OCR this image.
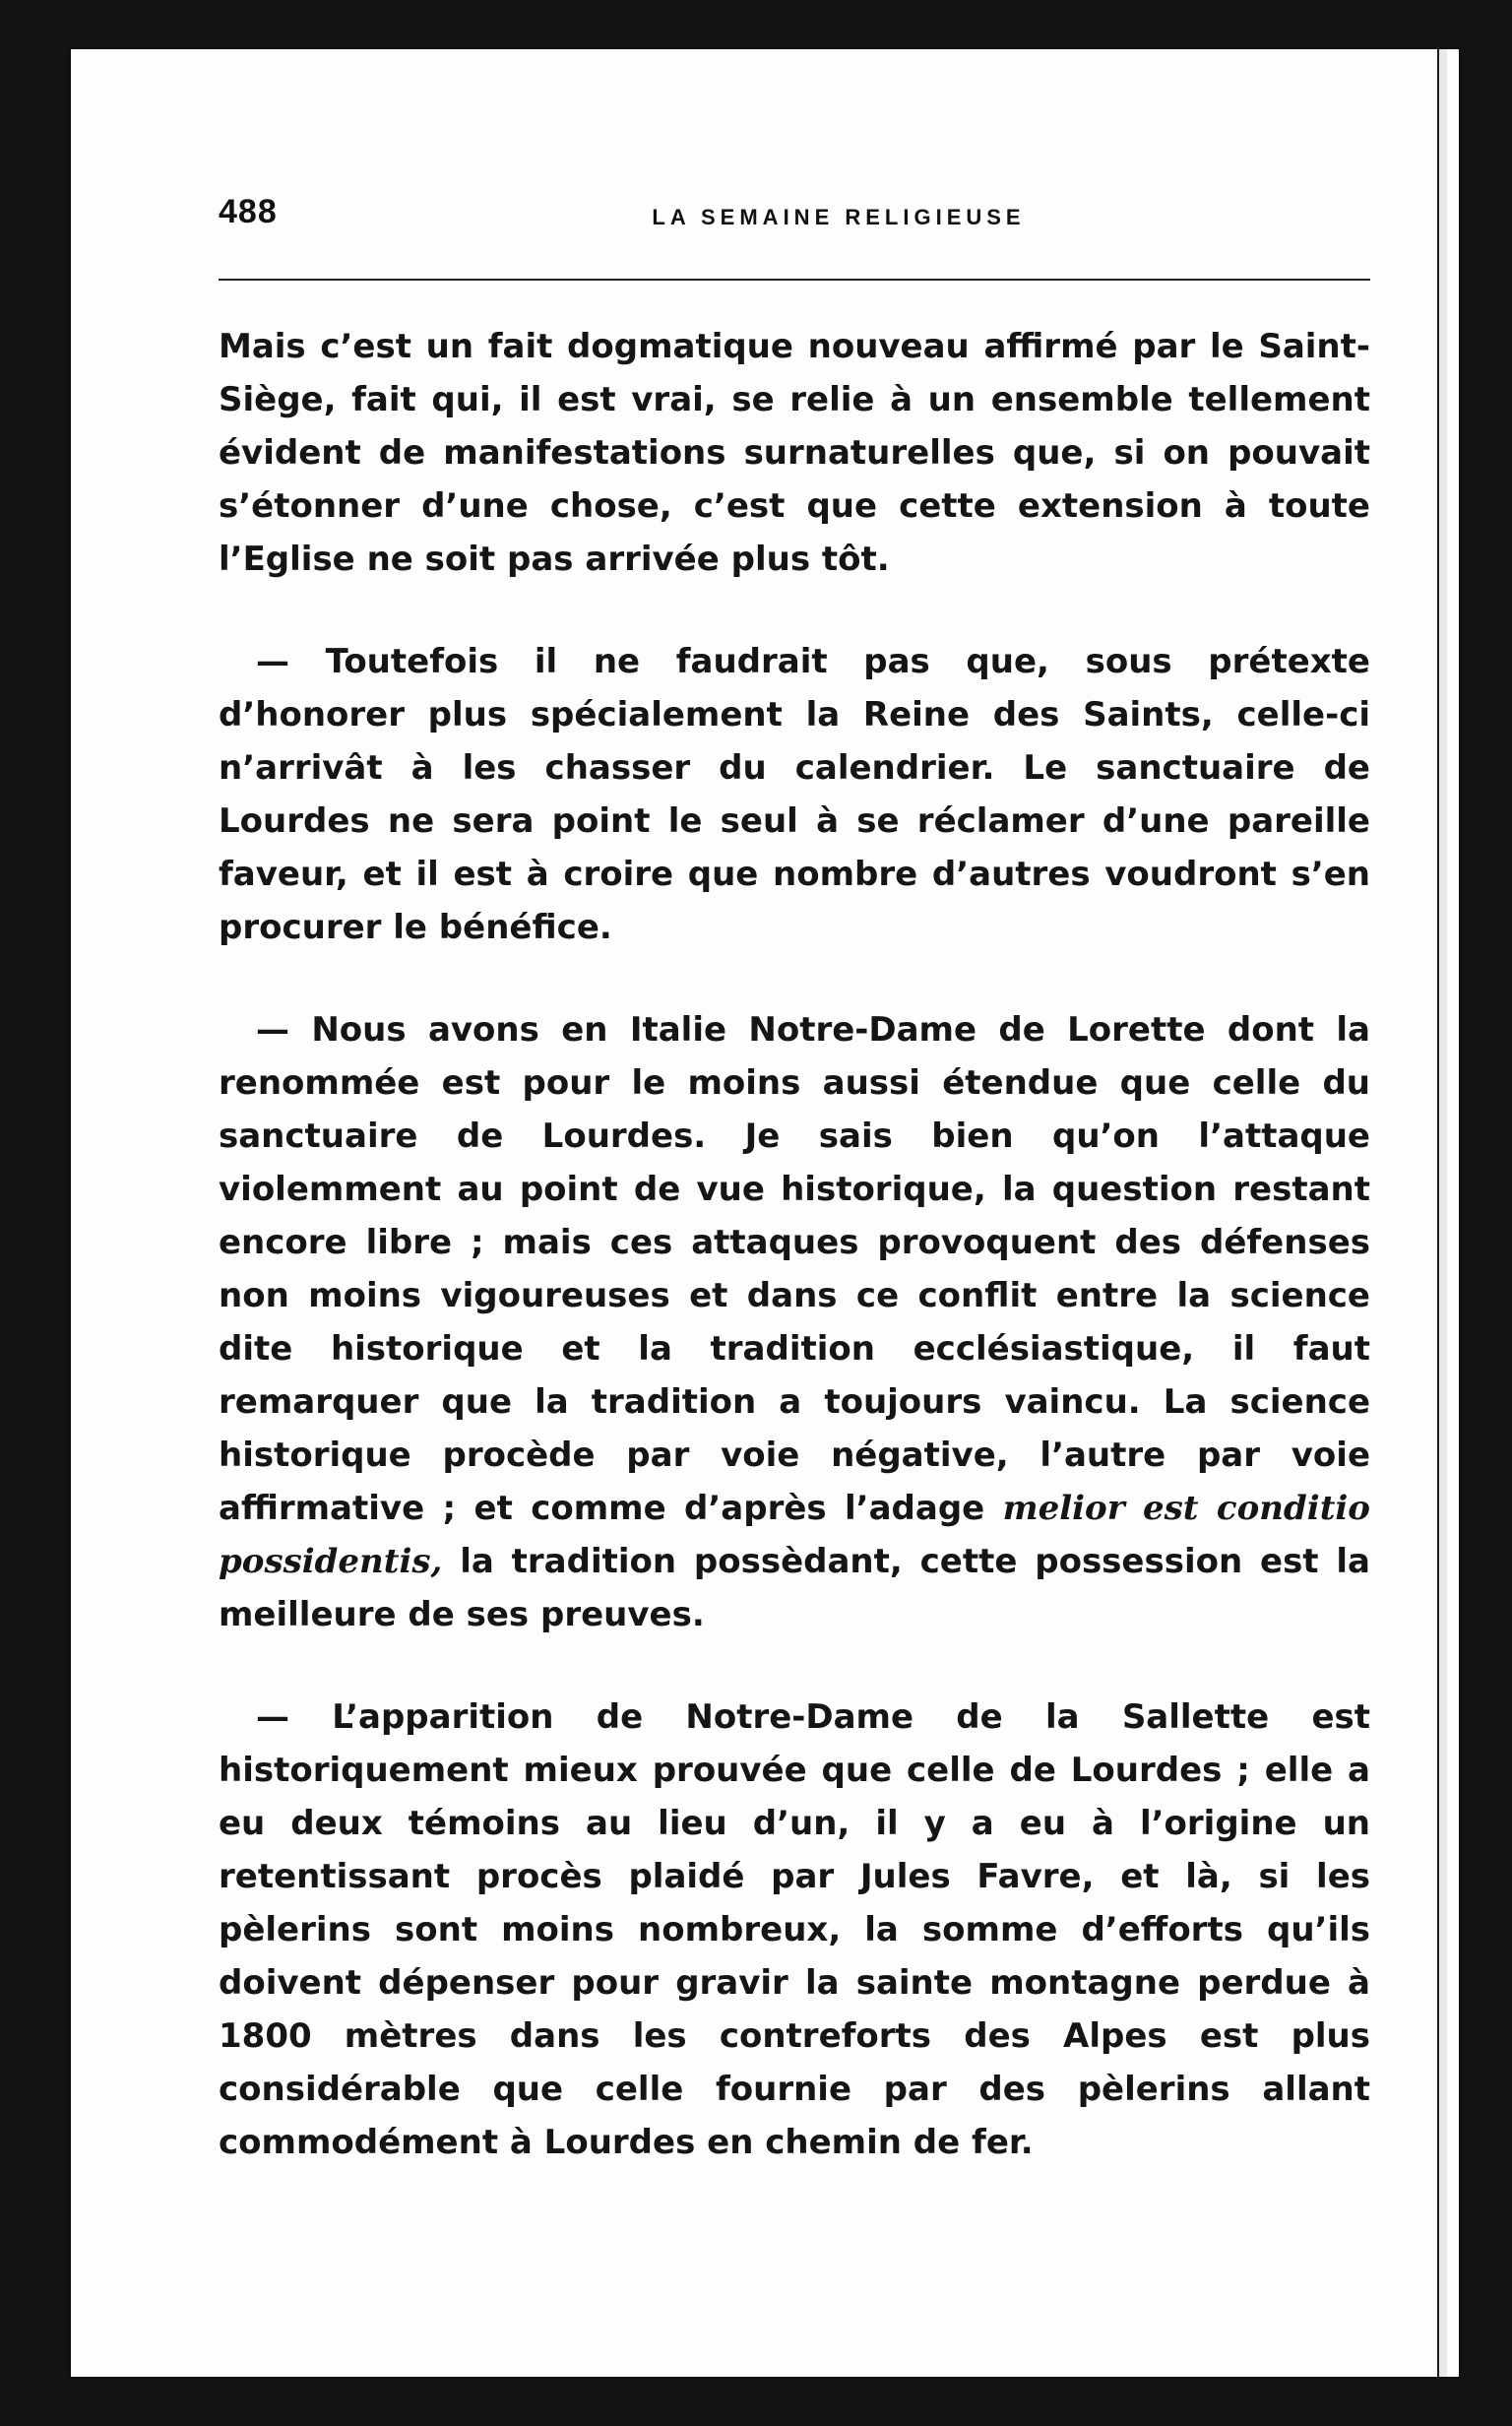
488	LA SEMAINE RELIGIEUSE

Mais c’est un fait dogmatique nouveau affirmé par le Saint-Siège, fait qui, il est vrai, se relie à un ensemble tellement évident de manifestations surnaturelles que, si on pouvait s’étonner d’une chose, c’est que cette extension à toute l’Eglise ne soit pas arrivée plus tôt.

— Toutefois il ne faudrait pas que, sous prétexte d’honorer plus spécialement la Reine des Saints, celle-ci n’arrivât à les chasser du calendrier. Le sanctuaire de Lourdes ne sera point le seul à se réclamer d’une pareille faveur, et il est à croire que nombre d’autres voudront s’en procurer le bénéfice.

— Nous avons en Italie Notre-Dame de Lorette dont la renommée est pour le moins aussi étendue que celle du sanctuaire de Lourdes. Je sais bien qu’on l’attaque violemment au point de vue historique, la question restant encore libre ; mais ces attaques provoquent des défenses non moins vigoureuses et dans ce conflit entre la science dite historique et la tradition ecclésiastique, il faut remarquer que la tradition a toujours vaincu. La science historique procède par voie négative, l’autre par voie affirmative ; et comme d’après l’adage melior est conditio possidentis, la tradition possèdant, cette possession est la meilleure de ses preuves.

— L’apparition de Notre-Dame de la Sallette est historiquement mieux prouvée que celle de Lourdes ; elle a eu deux témoins au lieu d’un, il y a eu à l’origine un retentissant procès plaidé par Jules Favre, et là, si les pèlerins sont moins nombreux, la somme d’efforts qu’ils doivent dépenser pour gravir la sainte montagne perdue à 1800 mètres dans les contreforts des Alpes est plus considérable que celle fournie par des pèlerins allant commodément à Lourdes en chemin de fer.
